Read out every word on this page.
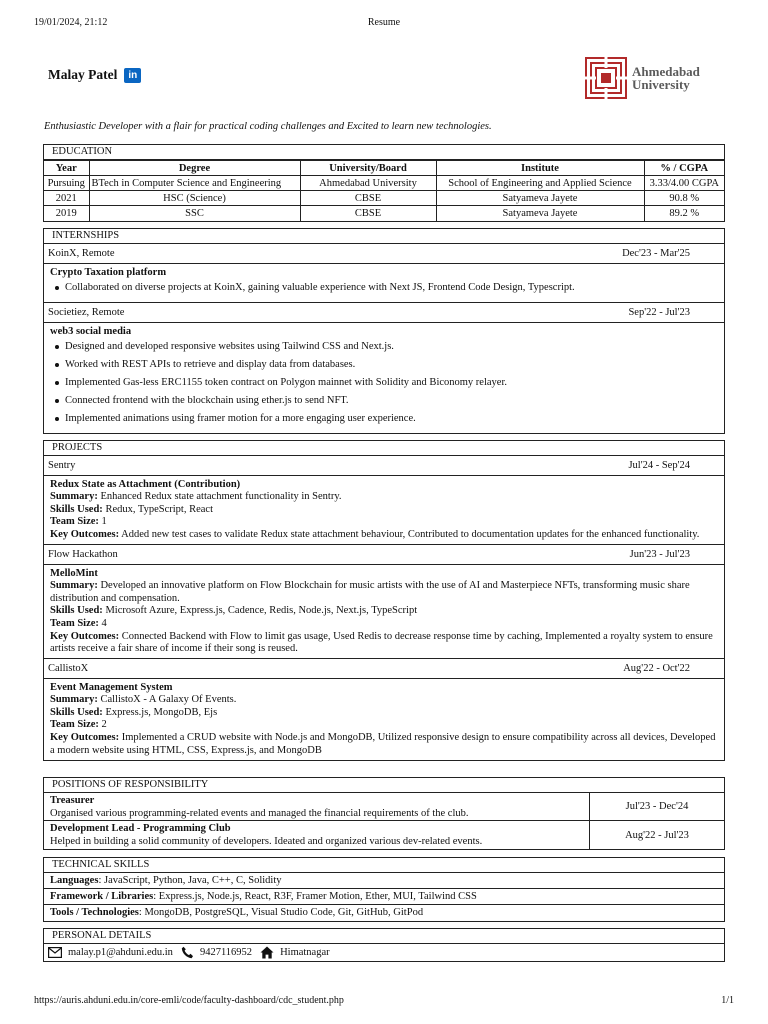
19/01/2024, 21:12	Resume
Malay Patel	in	Ahmedabad
University
Enthusiastic Developer with a flair for practical coding challenges and Excited to learn new technologies.
EDUCATION
Year	Degree	University/Board	Institute	% / CGPA
Pursuing	BTech in Computer Science and Engineering	Ahmedabad University	School of Engineering and Applied Science	3.33/4.00 CGPA
2021	HSC (Science)	CBSE	Satyameva Jayete	90.8 %
2019	SSC	CBSE	Satyameva Jayete	89.2 %
INTERNSHIPS
KoinX, Remote	Dec'23 - Mar'25
Crypto Taxation platform
Collaborated on diverse projects at KoinX, gaining valuable experience with Next JS, Frontend Code Design, Typescript.
Societiez, Remote	Sep'22 - Jul'23
web3 social media
Designed and developed responsive websites using Tailwind CSS and Next.js.
Worked with REST APIs to retrieve and display data from databases.
Implemented Gas-less ERC1155 token contract on Polygon mainnet with Solidity and Biconomy relayer.
Connected frontend with the blockchain using ether.js to send NFT.
Implemented animations using framer motion for a more engaging user experience.
PROJECTS
Sentry	Jul'24 - Sep'24
Redux State as Attachment (Contribution)
Summary: Enhanced Redux state attachment functionality in Sentry.
Skills Used: Redux, TypeScript, React
Team Size: 1
Key Outcomes: Added new test cases to validate Redux state attachment behaviour, Contributed to documentation updates for the enhanced functionality.
Flow Hackathon	Jun'23 - Jul'23
MelloMint
Summary: Developed an innovative platform on Flow Blockchain for music artists with the use of AI and Masterpiece NFTs, transforming music share distribution and compensation.
Skills Used: Microsoft Azure, Express.js, Cadence, Redis, Node.js, Next.js, TypeScript
Team Size: 4
Key Outcomes: Connected Backend with Flow to limit gas usage, Used Redis to decrease response time by caching, Implemented a royalty system to ensure artists receive a fair share of income if their song is reused.
CallistoX	Aug'22 - Oct'22
Event Management System
Summary: CallistoX - A Galaxy Of Events.
Skills Used: Express.js, MongoDB, Ejs
Team Size: 2
Key Outcomes: Implemented a CRUD website with Node.js and MongoDB, Utilized responsive design to ensure compatibility across all devices, Developed a modern website using HTML, CSS, Express.js, and MongoDB
POSITIONS OF RESPONSIBILITY
Treasurer
Organised various programming-related events and managed the financial requirements of the club.
Jul'23 - Dec'24
Development Lead - Programming Club
Helped in building a solid community of developers. Ideated and organized various dev-related events.
Aug'22 - Jul'23
TECHNICAL SKILLS
Languages: JavaScript, Python, Java, C++, C, Solidity
Framework / Libraries: Express.js, Node.js, React, R3F, Framer Motion, Ether, MUI, Tailwind CSS
Tools / Technologies: MongoDB, PostgreSQL, Visual Studio Code, Git, GitHub, GitPod
PERSONAL DETAILS
malay.p1@ahduni.edu.in	9427116952	Himatnagar
https://auris.ahduni.edu.in/core-emli/code/faculty-dashboard/cdc_student.php	1/1
